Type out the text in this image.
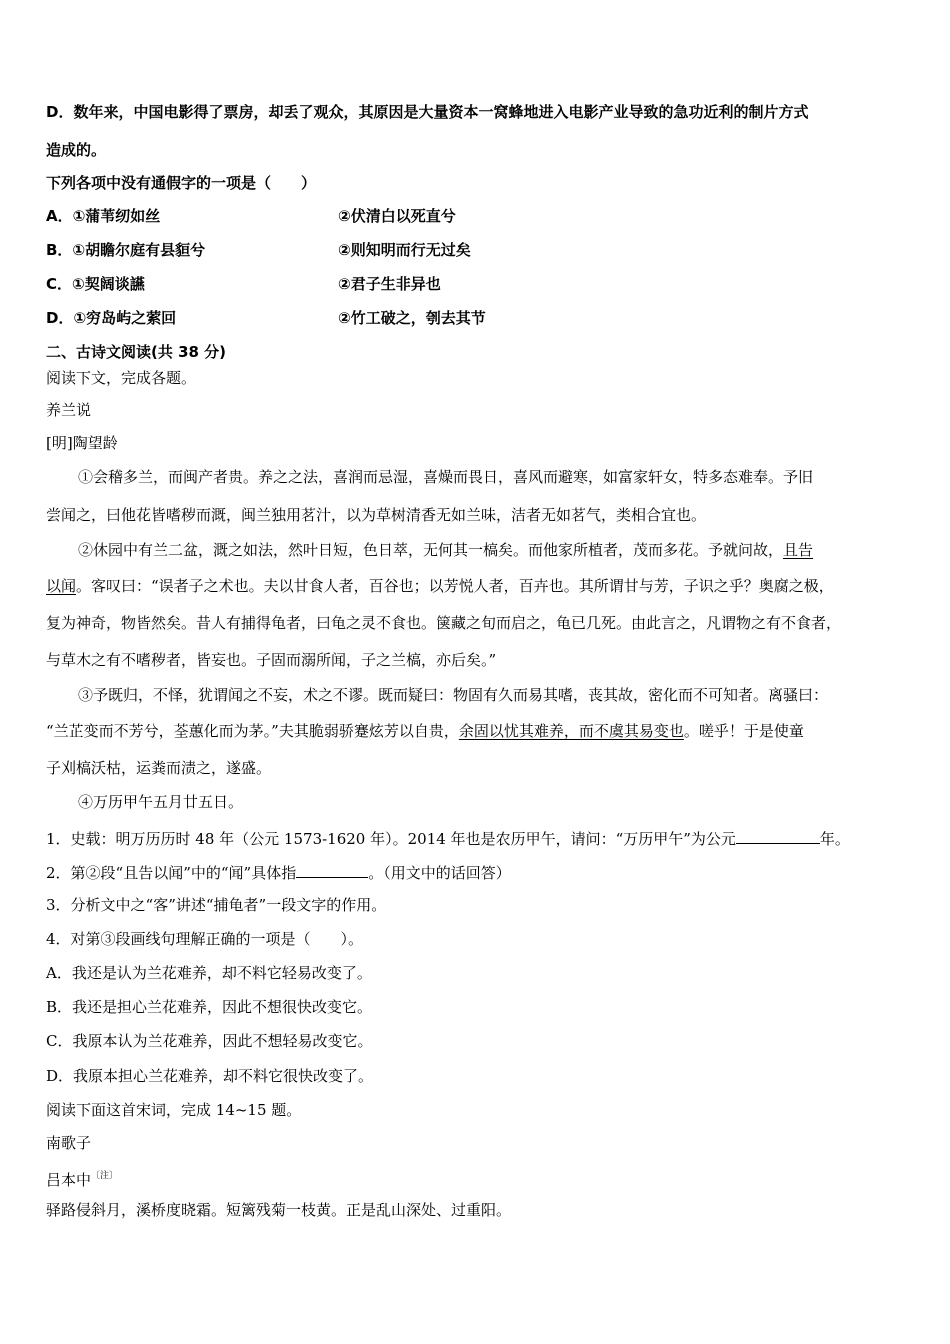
D．数年来，中国电影得了票房，却丢了观众，其原因是大量资本一窝蜂地进入电影产业导致的急功近利的制片方式
造成的。
下列各项中没有通假字的一项是（　　）
A．①蒲苇纫如丝	②伏清白以死直兮
B．①胡瞻尔庭有县貆兮	②则知明而行无过矣
C．①契阔谈讌	②君子生非异也
D．①穷岛屿之萦回	②竹工破之，刳去其节
二、古诗文阅读(共 38 分)
阅读下文，完成各题。
养兰说
[明]陶望龄
①会稽多兰，而闽产者贵。养之之法，喜润而忌湿，喜燥而畏日，喜风而避寒，如富家轩女，特多态难奉。予旧
尝闻之，曰他花皆嗜秽而溉，闽兰独用茗汁，以为草树清香无如兰味，洁者无如茗气，类相合宜也。
②休园中有兰二盆，溉之如法，然叶日短，色日萃，无何其一槁矣。而他家所植者，茂而多花。予就问故，且告
以闻。客叹曰：“误者子之术也。夫以甘食人者，百谷也；以芳悦人者，百卉也。其所谓甘与芳，子识之乎？奥腐之极，
复为神奇，物皆然矣。昔人有捕得龟者，曰龟之灵不食也。箧藏之旬而启之，龟已几死。由此言之，凡谓物之有不食者，
与草木之有不嗜秽者，皆妄也。子固而溺所闻，子之兰槁，亦后矣。”
③予既归，不怿，犹谓闻之不妄，术之不谬。既而疑曰：物固有久而易其嗜，丧其故，密化而不可知者。离骚曰：
“兰芷变而不芳兮，荃蕙化而为茅。”夫其脆弱骄蹇炫芳以自贵，余固以忧其难养，而不虞其易变也。嗟乎！于是使童
子刈槁沃枯，运粪而渍之，遂盛。
④万历甲午五月廿五日。
1．史载：明万历历时 48 年（公元 1573-1620 年）。2014 年也是农历甲午，请问：“万历甲午”为公元	年。
2．第②段“且告以闻”中的“闻”具体指	。（用文中的话回答）
3．分析文中之“客”讲述“捕龟者”一段文字的作用。
4．对第③段画线句理解正确的一项是（　　）。
A．我还是认为兰花难养，却不料它轻易改变了。
B．我还是担心兰花难养，因此不想很快改变它。
C．我原本认为兰花难养，因此不想轻易改变它。
D．我原本担心兰花难养，却不料它很快改变了。
阅读下面这首宋词，完成 14~15 题。
南歌子
吕本中$^{〔注〕}$
驿路侵斜月，溪桥度晓霜。短篱残菊一枝黄。正是乱山深处、过重阳。
